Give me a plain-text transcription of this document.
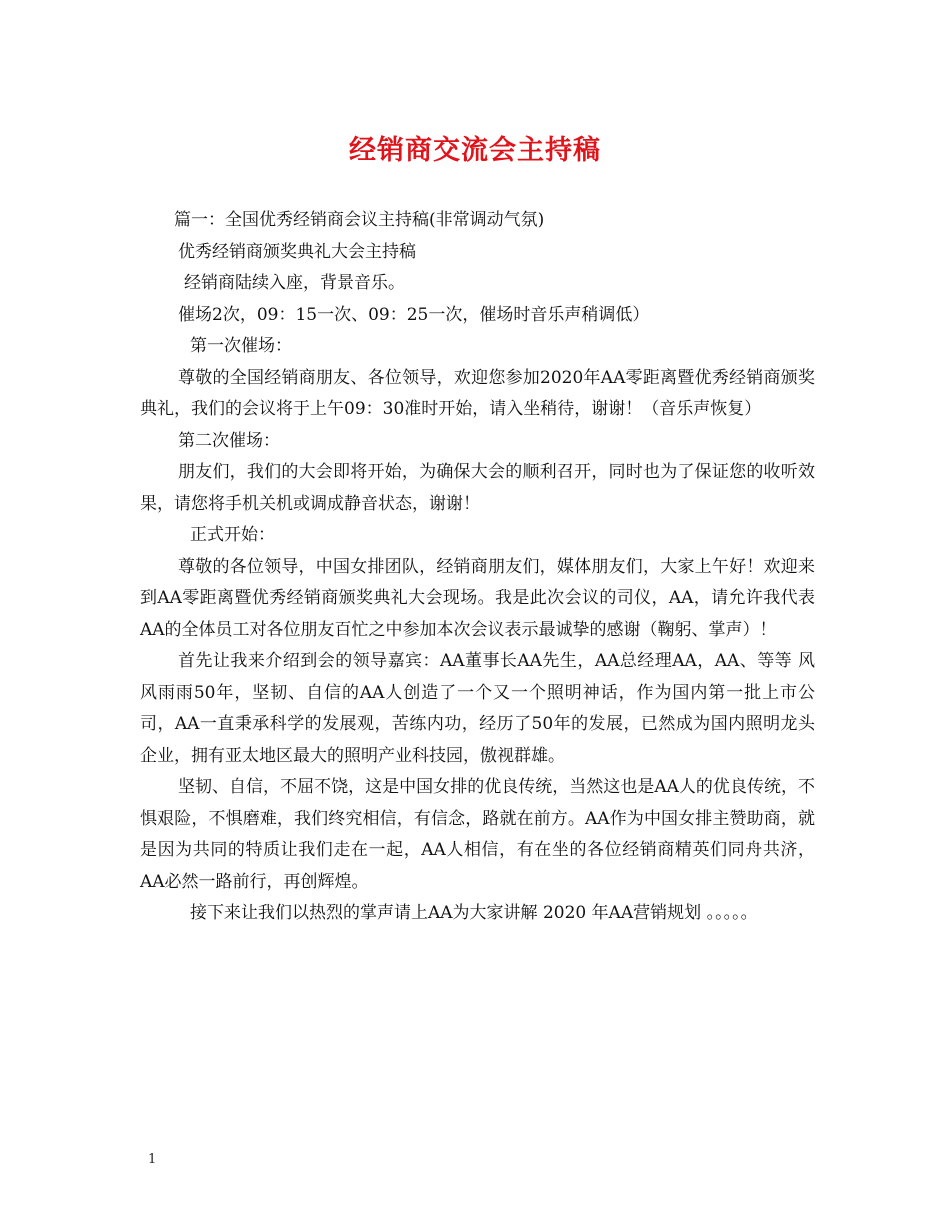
经销商交流会主持稿

篇一：全国优秀经销商会议主持稿(非常调动气氛)

优秀经销商颁奖典礼大会主持稿

经销商陆续入座，背景音乐。

催场2次，09：15一次、09：25一次，催场时音乐声稍调低）

第一次催场：

尊敬的全国经销商朋友、各位领导，欢迎您参加2020年AA零距离暨优秀经销商颁奖典礼，我们的会议将于上午09：30准时开始，请入坐稍待，谢谢！（音乐声恢复）

第二次催场：

朋友们，我们的大会即将开始，为确保大会的顺利召开，同时也为了保证您的收听效果，请您将手机关机或调成静音状态，谢谢！

正式开始：

尊敬的各位领导，中国女排团队，经销商朋友们，媒体朋友们，大家上午好！欢迎来到AA零距离暨优秀经销商颁奖典礼大会现场。我是此次会议的司仪，AA，请允许我代表AA的全体员工对各位朋友百忙之中参加本次会议表示最诚挚的感谢（鞠躬、掌声）！

首先让我来介绍到会的领导嘉宾：AA董事长AA先生，AA总经理AA，AA、等等 风风雨雨50年，坚韧、自信的AA人创造了一个又一个照明神话，作为国内第一批上市公司，AA一直秉承科学的发展观，苦练内功，经历了50年的发展，已然成为国内照明龙头企业，拥有亚太地区最大的照明产业科技园，傲视群雄。

坚韧、自信，不屈不饶，这是中国女排的优良传统，当然这也是AA人的优良传统，不惧艰险，不惧磨难，我们终究相信，有信念，路就在前方。AA作为中国女排主赞助商，就是因为共同的特质让我们走在一起，AA人相信，有在坐的各位经销商精英们同舟共济，AA必然一路前行，再创辉煌。

接下来让我们以热烈的掌声请上AA为大家讲解 2020 年AA营销规划 。。。。。

1
